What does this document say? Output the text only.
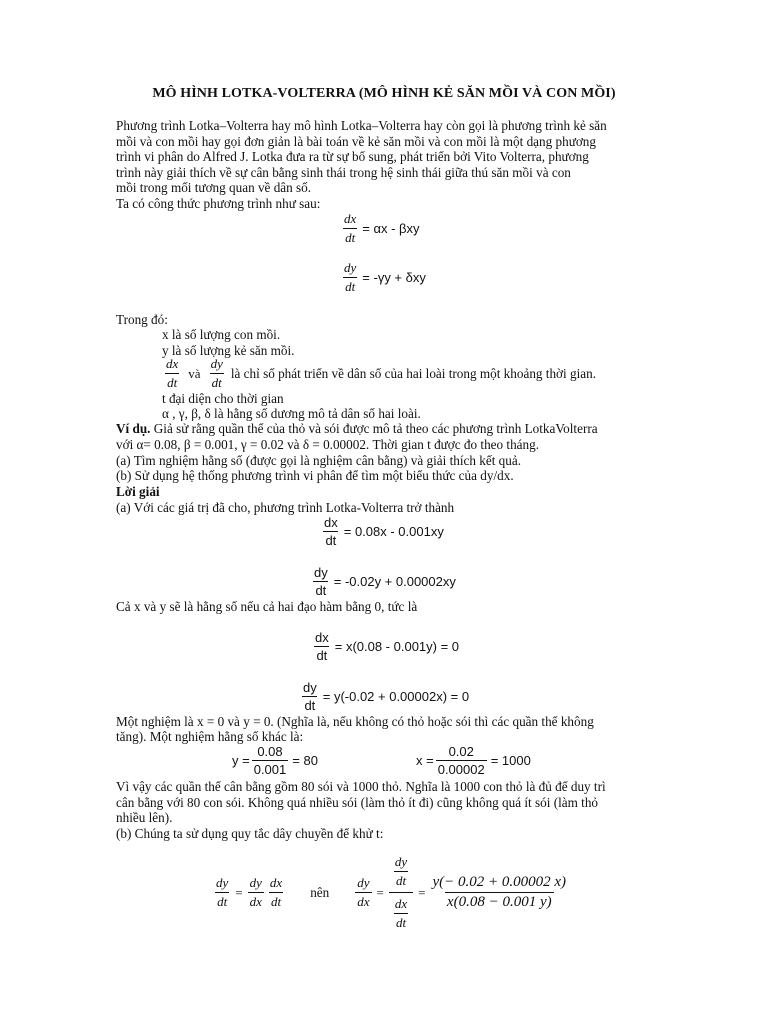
MÔ HÌNH LOTKA-VOLTERRA (MÔ HÌNH KẺ SĂN MỒI VÀ CON MỒI)
Phương trình Lotka–Volterra hay mô hình Lotka–Volterra hay còn gọi là phương trình kẻ săn
mồi và con mồi hay gọi đơn giản là bài toán về kẻ săn mồi và con mồi là một dạng phương
trình vi phân do Alfred J. Lotka đưa ra từ sự bổ sung, phát triển bởi Vito Volterra, phương
trình này giải thích về sự cân bằng sinh thái trong hệ sinh thái giữa thú săn mồi và con
mồi trong mối tương quan về dân số.
Ta có công thức phương trình như sau:
$\frac{dx}{dt} = \alpha x - \beta xy$
$\frac{dy}{dt} = -\gamma y + \delta xy$
Trong đó:
x là số lượng con mồi.
y là số lượng kẻ săn mồi.
$\frac{dx}{dt}$ và $\frac{dy}{dt}$ là chỉ số phát triển về dân số của hai loài trong một khoảng thời gian.
t đại diện cho thời gian
α , γ, β, δ là hằng số dương mô tả dân số hai loài.
Ví dụ. Giả sử rằng quần thể của thỏ và sói được mô tả theo các phương trình LotkaVolterra
với α= 0.08, β = 0.001, γ = 0.02 và δ = 0.00002. Thời gian t được đo theo tháng.
(a) Tìm nghiệm hằng số (được gọi là nghiệm cân bằng) và giải thích kết quả.
(b) Sử dụng hệ thống phương trình vi phân để tìm một biểu thức của dy/dx.
Lời giải
(a) Với các giá trị đã cho, phương trình Lotka-Volterra trở thành
$\frac{dx}{dt} = 0.08x - 0.001xy$
$\frac{dy}{dt} = -0.02y + 0.00002xy$
Cả x và y sẽ là hằng số nếu cả hai đạo hàm bằng 0, tức là
$\frac{dx}{dt} = x(0.08 - 0.001y) = 0$
$\frac{dy}{dt} = y(-0.02 + 0.00002x) = 0$
Một nghiệm là x = 0 và y = 0. (Nghĩa là, nếu không có thỏ hoặc sói thì các quần thể không
tăng). Một nghiệm hằng số khác là:
$y = \frac{0.08}{0.001} = 80$	$x = \frac{0.02}{0.00002} = 1000$
Vì vậy các quần thể cân bằng gồm 80 sói và 1000 thỏ. Nghĩa là 1000 con thỏ là đủ để duy trì
cân bằng với 80 con sói. Không quá nhiều sói (làm thỏ ít đi) cũng không quá ít sói (làm thỏ
nhiều lên).
(b) Chúng ta sử dụng quy tắc dây chuyền để khử t:
$\frac{dy}{dt} = \frac{dy}{dx} \frac{dx}{dt}$ nên $\frac{dy}{dx} = \frac{\frac{dy}{dt}}{\frac{dx}{dt}} = \frac{y(- 0.02 + 0.00002 x)}{x(0.08 - 0.001 y)}$
